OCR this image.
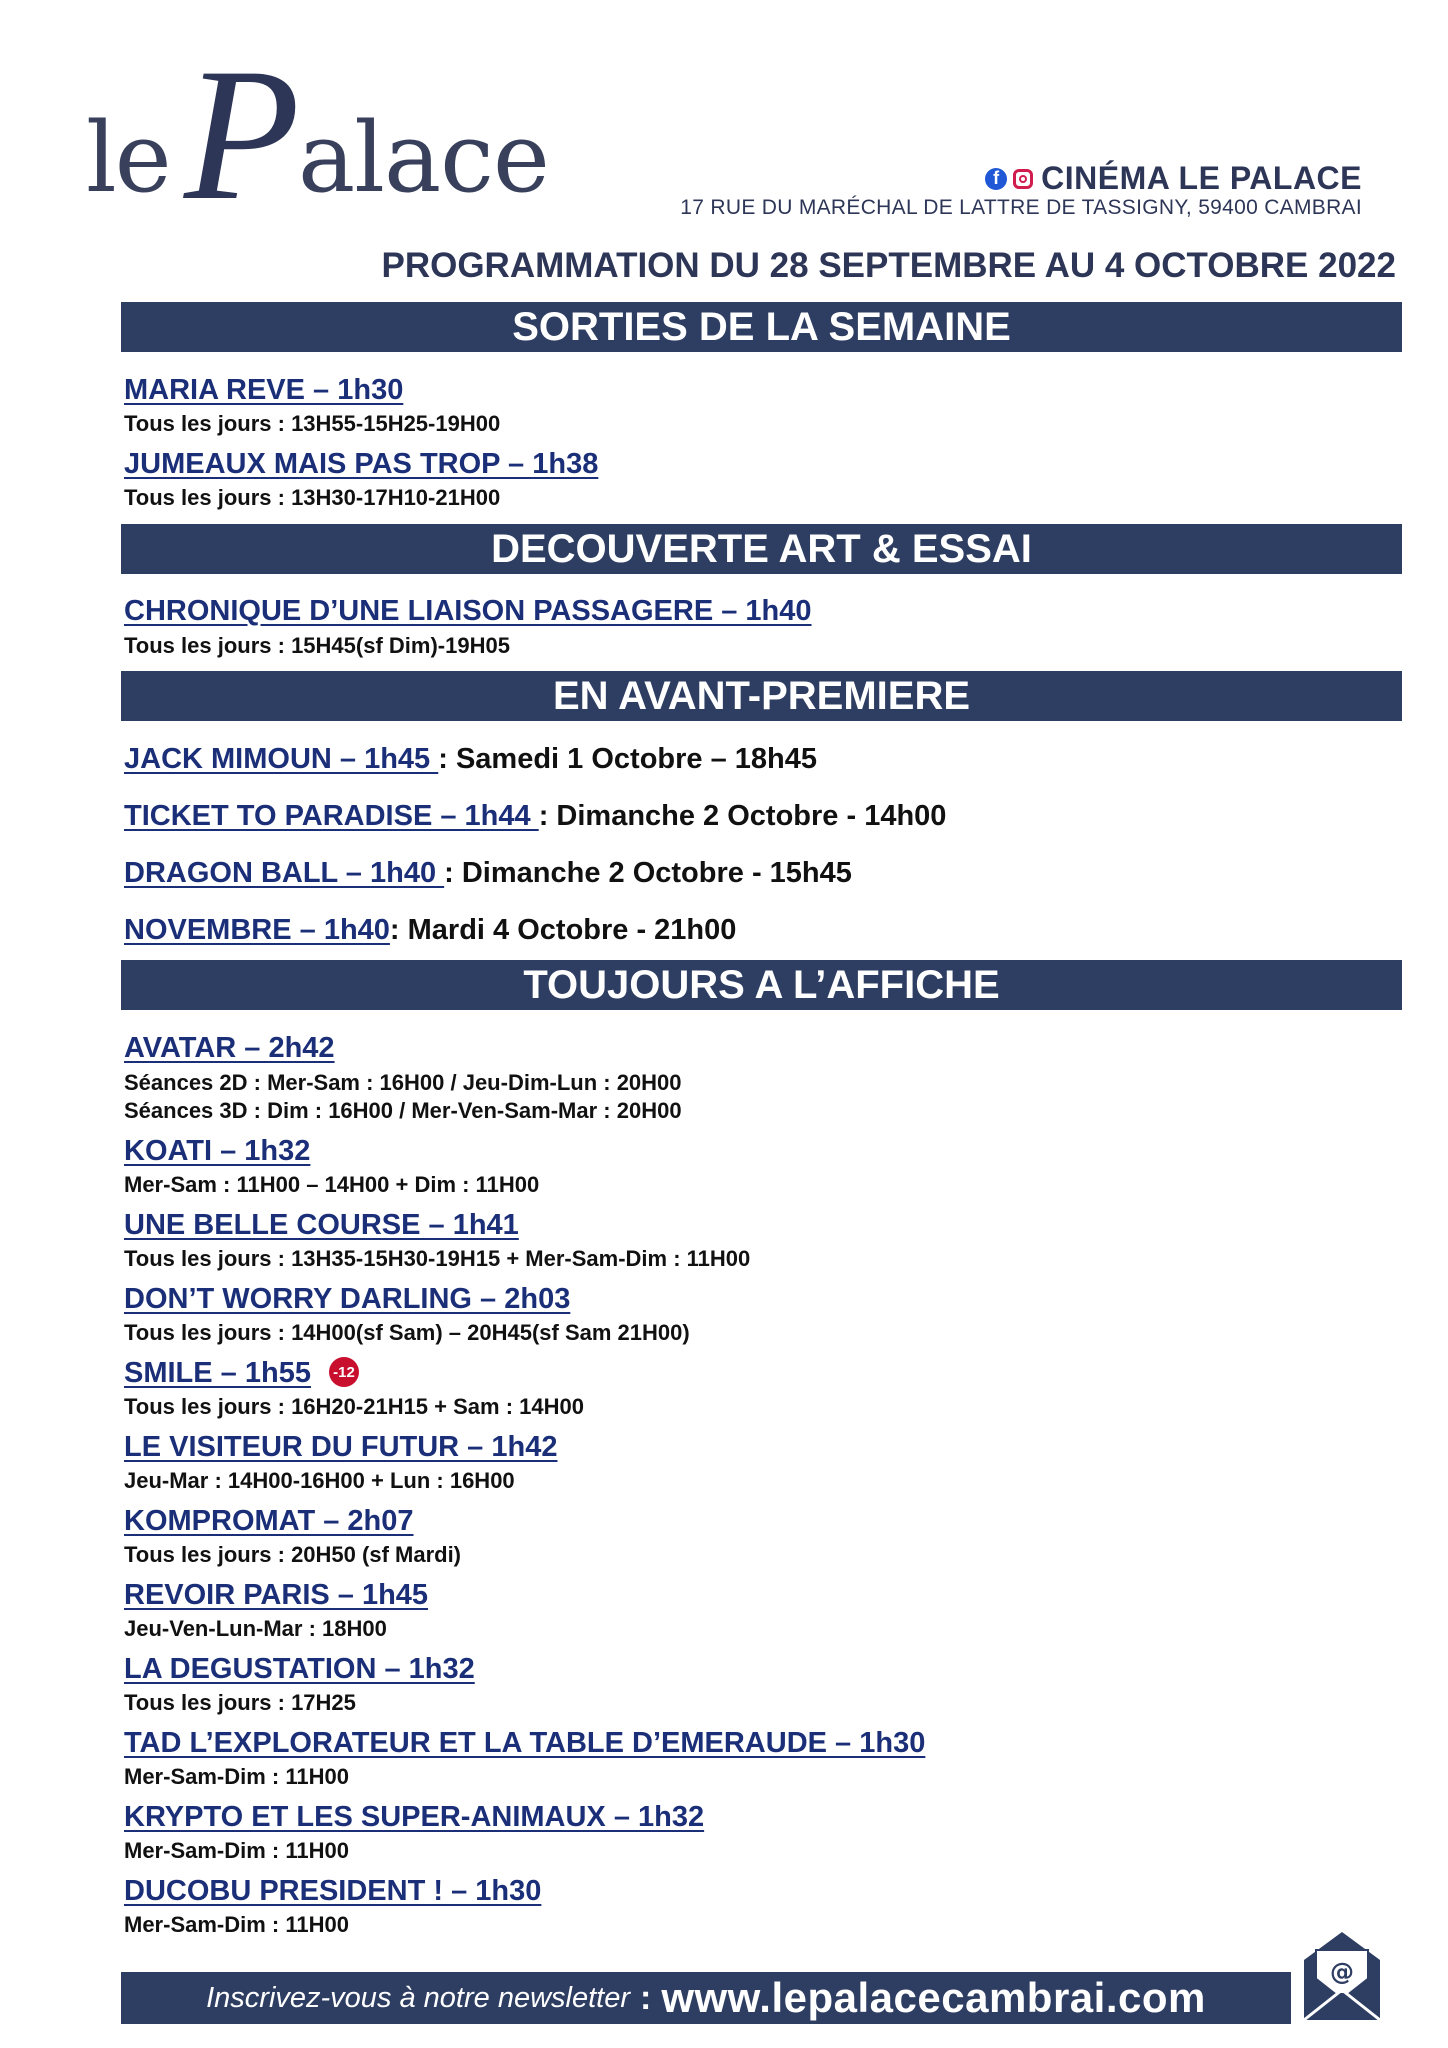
le P
alace	f CINÉMA LE PALACE
17 RUE DU MARÉCHAL DE LATTRE DE TASSIGNY, 59400 CAMBRAI
PROGRAMMATION DU 28 SEPTEMBRE AU 4 OCTOBRE 2022
SORTIES DE LA SEMAINE
MARIA REVE – 1h30
Tous les jours : 13H55-15H25-19H00
JUMEAUX MAIS PAS TROP – 1h38
Tous les jours : 13H30-17H10-21H00
DECOUVERTE ART & ESSAI
CHRONIQUE D’UNE LIAISON PASSAGERE – 1h40
Tous les jours : 15H45(sf Dim)-19H05
EN AVANT-PREMIERE
JACK MIMOUN – 1h45 : Samedi 1 Octobre – 18h45
TICKET TO PARADISE – 1h44 : Dimanche 2 Octobre - 14h00
DRAGON BALL – 1h40 : Dimanche 2 Octobre - 15h45
NOVEMBRE – 1h40: Mardi 4 Octobre - 21h00
TOUJOURS A L’AFFICHE
AVATAR – 2h42
Séances 2D : Mer-Sam : 16H00 / Jeu-Dim-Lun : 20H00
Séances 3D : Dim : 16H00 / Mer-Ven-Sam-Mar : 20H00
KOATI – 1h32
Mer-Sam : 11H00 – 14H00 + Dim : 11H00
UNE BELLE COURSE – 1h41
Tous les jours : 13H35-15H30-19H15 + Mer-Sam-Dim : 11H00
DON’T WORRY DARLING – 2h03
Tous les jours : 14H00(sf Sam) – 20H45(sf Sam 21H00)
SMILE – 1h55 -12
Tous les jours : 16H20-21H15 + Sam : 14H00
LE VISITEUR DU FUTUR – 1h42
Jeu-Mar : 14H00-16H00 + Lun : 16H00
KOMPROMAT – 2h07
Tous les jours : 20H50 (sf Mardi)
REVOIR PARIS – 1h45
Jeu-Ven-Lun-Mar : 18H00
LA DEGUSTATION – 1h32
Tous les jours : 17H25
TAD L’EXPLORATEUR ET LA TABLE D’EMERAUDE – 1h30
Mer-Sam-Dim : 11H00
KRYPTO ET LES SUPER-ANIMAUX – 1h32
Mer-Sam-Dim : 11H00
DUCOBU PRESIDENT ! – 1h30
Mer-Sam-Dim : 11H00
Inscrivez-vous à notre newsletter : www.lepalacecambrai.com
@
